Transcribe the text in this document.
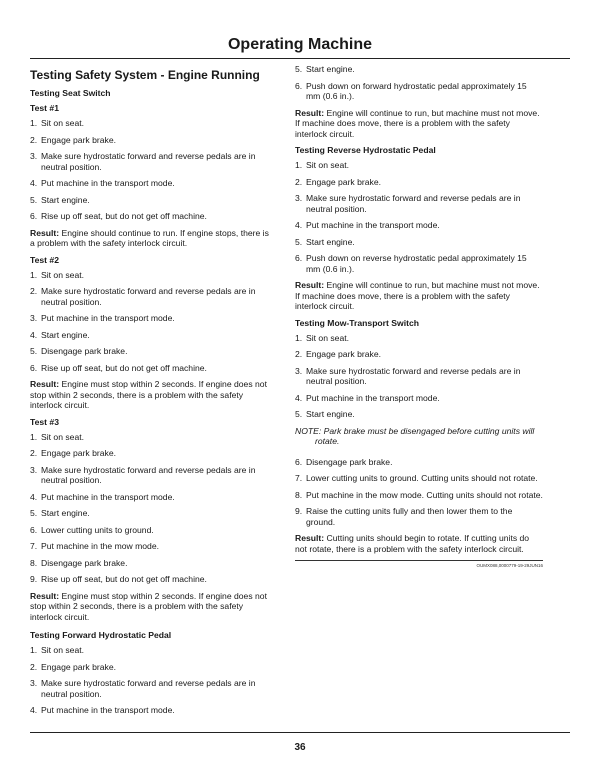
Operating Machine
Testing Safety System - Engine Running
Testing Seat Switch
Test #1
1. Sit on seat.
2. Engage park brake.
3. Make sure hydrostatic forward and reverse pedals are in neutral position.
4. Put machine in the transport mode.
5. Start engine.
6. Rise up off seat, but do not get off machine.

Result: Engine should continue to run. If engine stops, there is a problem with the safety interlock circuit.

Test #2
1. Sit on seat.
2. Make sure hydrostatic forward and reverse pedals are in neutral position.
3. Put machine in the transport mode.
4. Start engine.
5. Disengage park brake.
6. Rise up off seat, but do not get off machine.

Result: Engine must stop within 2 seconds. If engine does not stop within 2 seconds, there is a problem with the safety interlock circuit.

Test #3
1. Sit on seat.
2. Engage park brake.
3. Make sure hydrostatic forward and reverse pedals are in neutral position.
4. Put machine in the transport mode.
5. Start engine.
6. Lower cutting units to ground.
7. Put machine in the mow mode.
8. Disengage park brake.
9. Rise up off seat, but do not get off machine.

Result: Engine must stop within 2 seconds. If engine does not stop within 2 seconds, there is a problem with the safety interlock circuit.

Testing Forward Hydrostatic Pedal
1. Sit on seat.
2. Engage park brake.
3. Make sure hydrostatic forward and reverse pedals are in neutral position.
4. Put machine in the transport mode.
5. Start engine.
6. Push down on forward hydrostatic pedal approximately 15 mm (0.6 in.).

Result: Engine will continue to run, but machine must not move. If machine does move, there is a problem with the safety interlock circuit.

Testing Reverse Hydrostatic Pedal
1. Sit on seat.
2. Engage park brake.
3. Make sure hydrostatic forward and reverse pedals are in neutral position.
4. Put machine in the transport mode.
5. Start engine.
6. Push down on reverse hydrostatic pedal approximately 15 mm (0.6 in.).

Result: Engine will continue to run, but machine must not move. If machine does move, there is a problem with the safety interlock circuit.

Testing Mow-Transport Switch
1. Sit on seat.
2. Engage park brake.
3. Make sure hydrostatic forward and reverse pedals are in neutral position.
4. Put machine in the transport mode.
5. Start engine.

NOTE: Park brake must be disengaged before cutting units will rotate.

6. Disengage park brake.
7. Lower cutting units to ground. Cutting units should not rotate.
8. Put machine in the mow mode. Cutting units should not rotate.
9. Raise the cutting units fully and then lower them to the ground.

Result: Cutting units should begin to rotate. If cutting units do not rotate, there is a problem with the safety interlock circuit.

OUMX088,0000779-19-29JUN16
36
